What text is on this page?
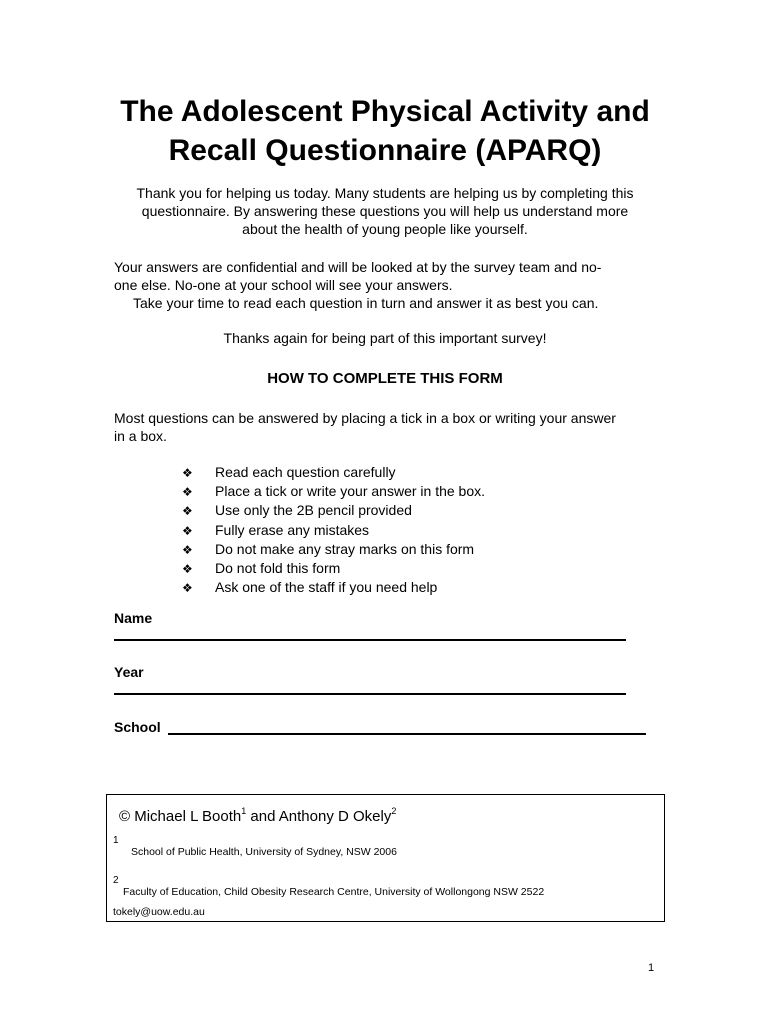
The Adolescent Physical Activity and
Recall Questionnaire (APARQ)
Thank you for helping us today. Many students are helping us by completing this
questionnaire. By answering these questions you will help us understand more
about the health of young people like yourself.
Your answers are confidential and will be looked at by the survey team and no-
one else. No-one at your school will see your answers.
Take your time to read each question in turn and answer it as best you can.
Thanks again for being part of this important survey!
HOW TO COMPLETE THIS FORM
Most questions can be answered by placing a tick in a box or writing your answer
in a box.
❖	Read each question carefully
❖	Place a tick or write your answer in the box.
❖	Use only the 2B pencil provided
❖	Fully erase any mistakes
❖	Do not make any stray marks on this form
❖	Do not fold this form
❖	Ask one of the staff if you need help
Name
Year
School
© Michael L Booth$^1$ and Anthony D Okely$^2$
1
School of Public Health, University of Sydney, NSW 2006
2
Faculty of Education, Child Obesity Research Centre, University of Wollongong NSW 2522
tokely@uow.edu.au
1
